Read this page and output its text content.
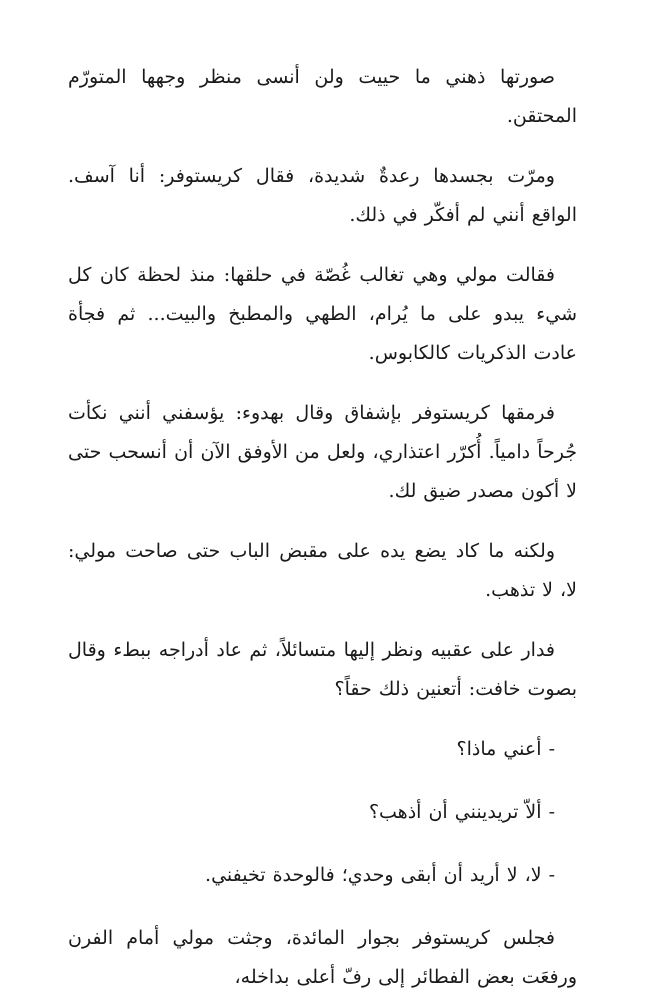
صورتها ذهني ما حييت ولن أنسى منظر وجهها المتورّم المحتقن.

ومرّت بجسدها رعدةٌ شديدة، فقال كريستوفر: أنا آسف. الواقع أنني لم أفكّر في ذلك.

فقالت مولي وهي تغالب غُصّة في حلقها: منذ لحظة كان كل شيء يبدو على ما يُرام، الطهي والمطبخ والبيت... ثم فجأة عادت الذكريات كالكابوس.

فرمقها كريستوفر بإشفاق وقال بهدوء: يؤسفني أنني نكأت جُرحاً دامياً. أُكرّر اعتذاري، ولعل من الأوفق الآن أن أنسحب حتى لا أكون مصدر ضيق لك.

ولكنه ما كاد يضع يده على مقبض الباب حتى صاحت مولي: لا، لا تذهب.

فدار على عقبيه ونظر إليها متسائلاً، ثم عاد أدراجه ببطء وقال بصوت خافت: أتعنين ذلك حقاً؟

- أعني ماذا؟

- ألاّ تريدينني أن أذهب؟

- لا، لا أريد أن أبقى وحدي؛ فالوحدة تخيفني.

فجلس كريستوفر بجوار المائدة، وجثت مولي أمام الفرن ورفعَت بعض الفطائر إلى رفّ أعلى بداخله،
